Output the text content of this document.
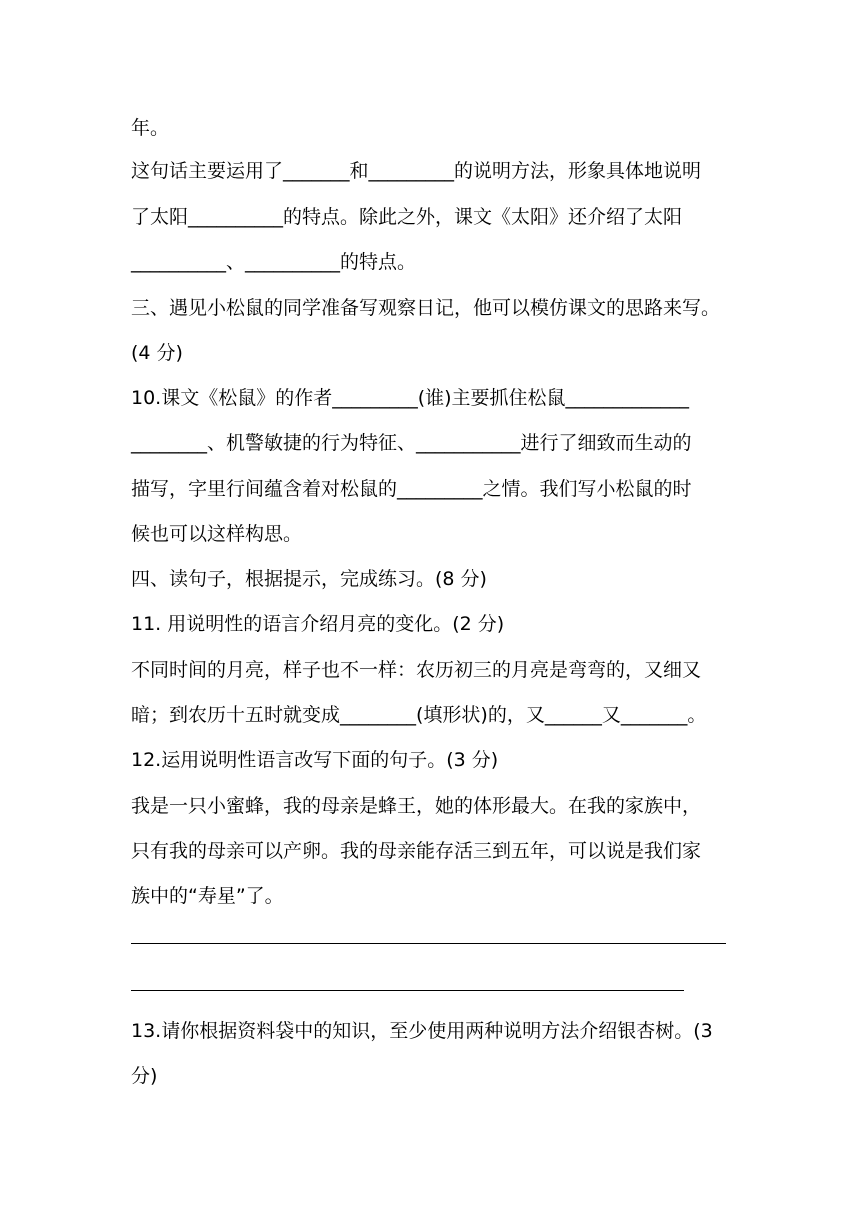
年。
这句话主要运用了_______和_________的说明方法，形象具体地说明
了太阳__________的特点。除此之外，课文《太阳》还介绍了太阳
__________、__________的特点。
三、遇见小松鼠的同学准备写观察日记，他可以模仿课文的思路来写。
(4 分)
10.课文《松鼠》的作者_________(谁)主要抓住松鼠_____________
________、机警敏捷的行为特征、___________进行了细致而生动的
描写，字里行间蕴含着对松鼠的_________之情。我们写小松鼠的时
候也可以这样构思。
四、读句子，根据提示，完成练习。(8 分)
11. 用说明性的语言介绍月亮的变化。(2 分)
不同时间的月亮，样子也不一样：农历初三的月亮是弯弯的，又细又
暗；到农历十五时就变成________(填形状)的，又______又_______。
12.运用说明性语言改写下面的句子。(3 分)
我是一只小蜜蜂，我的母亲是蜂王，她的体形最大。在我的家族中，
只有我的母亲可以产卵。我的母亲能存活三到五年，可以说是我们家
族中的“寿星”了。
13.请你根据资料袋中的知识，至少使用两种说明方法介绍银杏树。(3
分)
